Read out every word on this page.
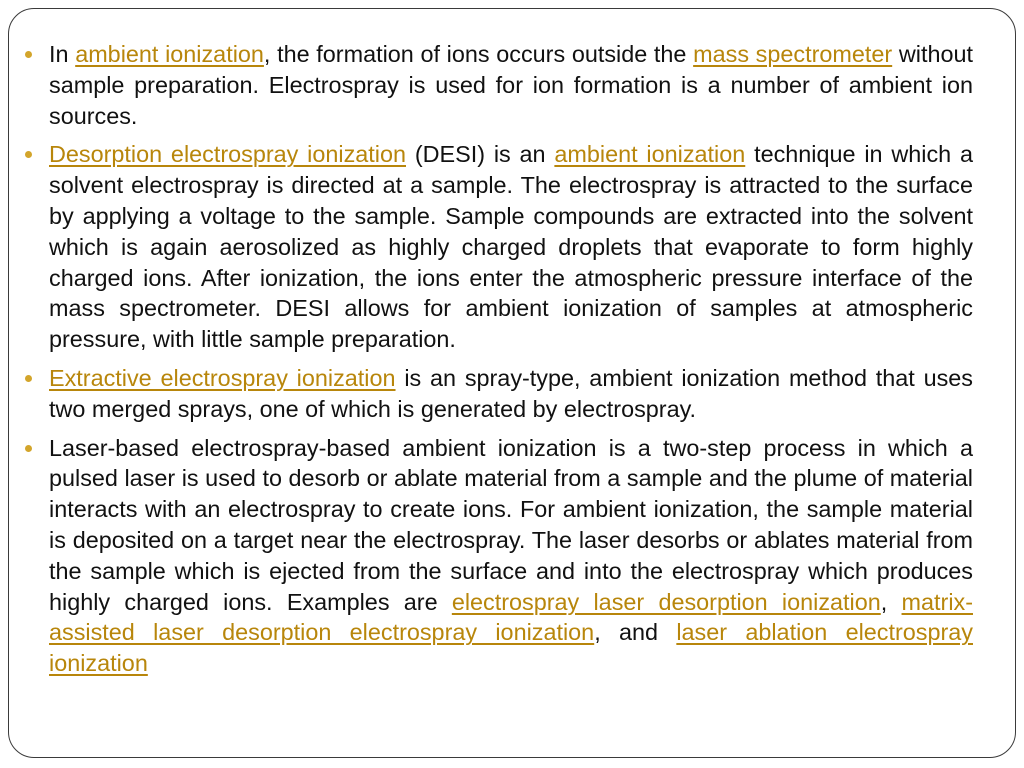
In ambient ionization, the formation of ions occurs outside the mass spectrometer without sample preparation. Electrospray is used for ion formation is a number of ambient ion sources.
Desorption electrospray ionization (DESI) is an ambient ionization technique in which a solvent electrospray is directed at a sample. The electrospray is attracted to the surface by applying a voltage to the sample. Sample compounds are extracted into the solvent which is again aerosolized as highly charged droplets that evaporate to form highly charged ions. After ionization, the ions enter the atmospheric pressure interface of the mass spectrometer. DESI allows for ambient ionization of samples at atmospheric pressure, with little sample preparation.
Extractive electrospray ionization is an spray-type, ambient ionization method that uses two merged sprays, one of which is generated by electrospray.
Laser-based electrospray-based ambient ionization is a two-step process in which a pulsed laser is used to desorb or ablate material from a sample and the plume of material interacts with an electrospray to create ions. For ambient ionization, the sample material is deposited on a target near the electrospray. The laser desorbs or ablates material from the sample which is ejected from the surface and into the electrospray which produces highly charged ions. Examples are electrospray laser desorption ionization, matrix-assisted laser desorption electrospray ionization, and laser ablation electrospray ionization
